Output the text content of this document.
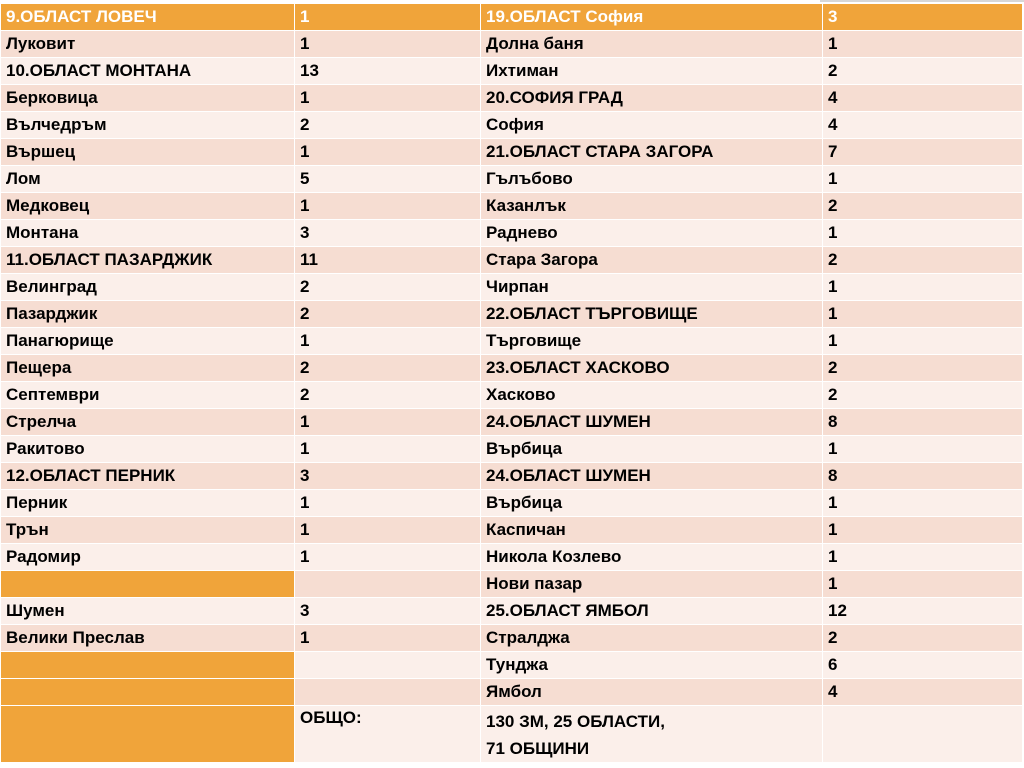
9.ОБЛАСТ ЛОВЕЧ	1	19.ОБЛАСТ София	3
Луковит	1	Долна баня	1
10.ОБЛАСТ МОНТАНА	13	Ихтиман	2
Берковица	1	20.СОФИЯ ГРАД	4
Вълчедръм	2	София	4
Вършец	1	21.ОБЛАСТ СТАРА ЗАГОРА	7
Лом	5	Гълъбово	1
Медковец	1	Казанлък	2
Монтана	3	Раднево	1
11.ОБЛАСТ ПАЗАРДЖИК	11	Стара Загора	2
Велинград	2	Чирпан	1
Пазарджик	2	22.ОБЛАСТ ТЪРГОВИЩЕ	1
Панагюрище	1	Търговище	1
Пещера	2	23.ОБЛАСТ ХАСКОВО	2
Септември	2	Хасково	2
Стрелча	1	24.ОБЛАСТ ШУМЕН	8
Ракитово	1	Върбица	1
12.ОБЛАСТ ПЕРНИК	3	24.ОБЛАСТ ШУМЕН	8
Перник	1	Върбица	1
Трън	1	Каспичан	1
Радомир	1	Никола Козлево	1
		Нови пазар	1
Шумен	3	25.ОБЛАСТ ЯМБОЛ	12
Велики Преслав	1	Стралджа	2
		Тунджа	6
		Ямбол	4
	ОБЩО:	130 ЗМ, 25 ОБЛАСТИ,
71 ОБЩИНИ	
